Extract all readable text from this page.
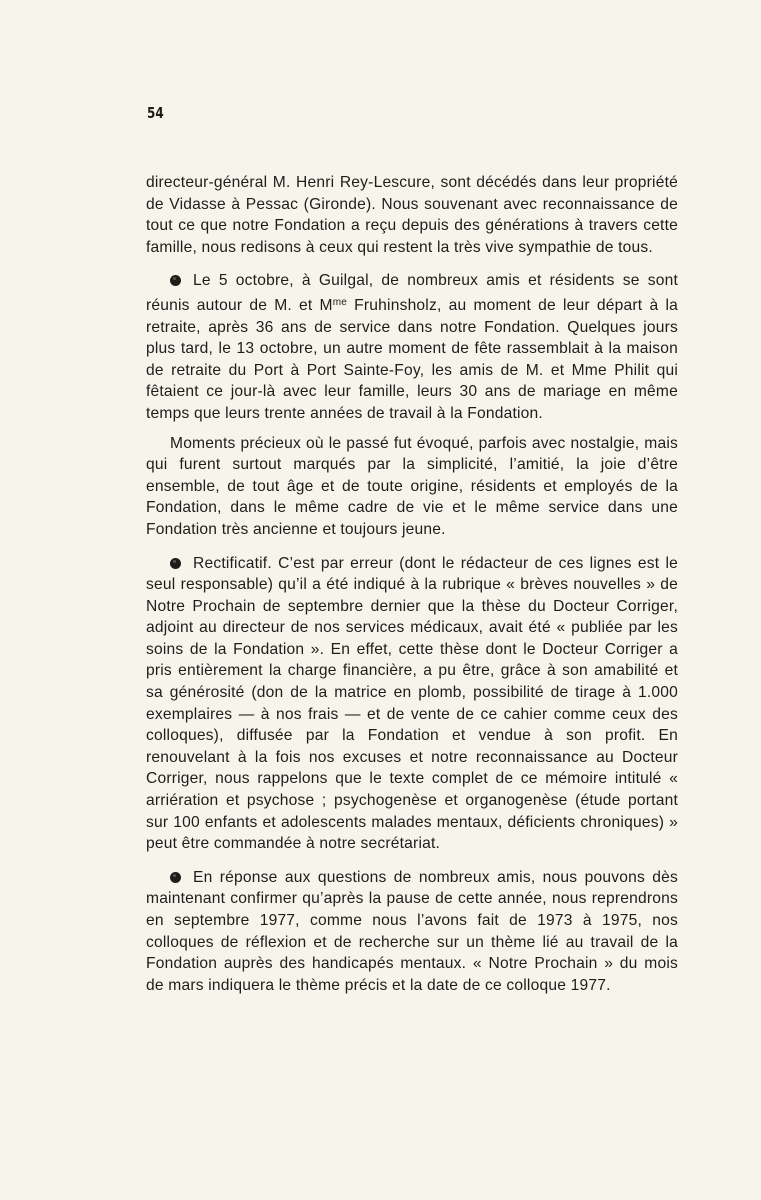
54

directeur-général M. Henri Rey-Lescure, sont décédés dans leur propriété de Vidasse à Pessac (Gironde). Nous souvenant avec reconnaissance de tout ce que notre Fondation a reçu depuis des générations à travers cette famille, nous redisons à ceux qui restent la très vive sympathie de tous.

Le 5 octobre, à Guilgal, de nombreux amis et résidents se sont réunis autour de M. et $M^{me}$ Fruhinsholz, au moment de leur départ à la retraite, après 36 ans de service dans notre Fondation. Quelques jours plus tard, le 13 octobre, un autre moment de fête rassemblait à la maison de retraite du Port à Port Sainte-Foy, les amis de M. et Mme Philit qui fêtaient ce jour-là avec leur famille, leurs 30 ans de mariage en même temps que leurs trente années de travail à la Fondation.

Moments précieux où le passé fut évoqué, parfois avec nostalgie, mais qui furent surtout marqués par la simplicité, l’amitié, la joie d’être ensemble, de tout âge et de toute origine, résidents et employés de la Fondation, dans le même cadre de vie et le même service dans une Fondation très ancienne et toujours jeune.

Rectificatif. C’est par erreur (dont le rédacteur de ces lignes est le seul responsable) qu’il a été indiqué à la rubrique « brèves nouvelles » de Notre Prochain de septembre dernier que la thèse du Docteur Corriger, adjoint au directeur de nos services médicaux, avait été « publiée par les soins de la Fondation ». En effet, cette thèse dont le Docteur Corriger a pris entièrement la charge financière, a pu être, grâce à son amabilité et sa générosité (don de la matrice en plomb, possibilité de tirage à 1.000 exemplaires — à nos frais — et de vente de ce cahier comme ceux des colloques), diffusée par la Fondation et vendue à son profit. En renouvelant à la fois nos excuses et notre reconnaissance au Docteur Corriger, nous rappelons que le texte complet de ce mémoire intitulé « arriération et psychose ; psychogenèse et organogenèse (étude portant sur 100 enfants et adolescents malades mentaux, déficients chroniques) » peut être commandée à notre secrétariat.

En réponse aux questions de nombreux amis, nous pouvons dès maintenant confirmer qu’après la pause de cette année, nous reprendrons en septembre 1977, comme nous l’avons fait de 1973 à 1975, nos colloques de réflexion et de recherche sur un thème lié au travail de la Fondation auprès des handicapés mentaux. « Notre Prochain » du mois de mars indiquera le thème précis et la date de ce colloque 1977.
